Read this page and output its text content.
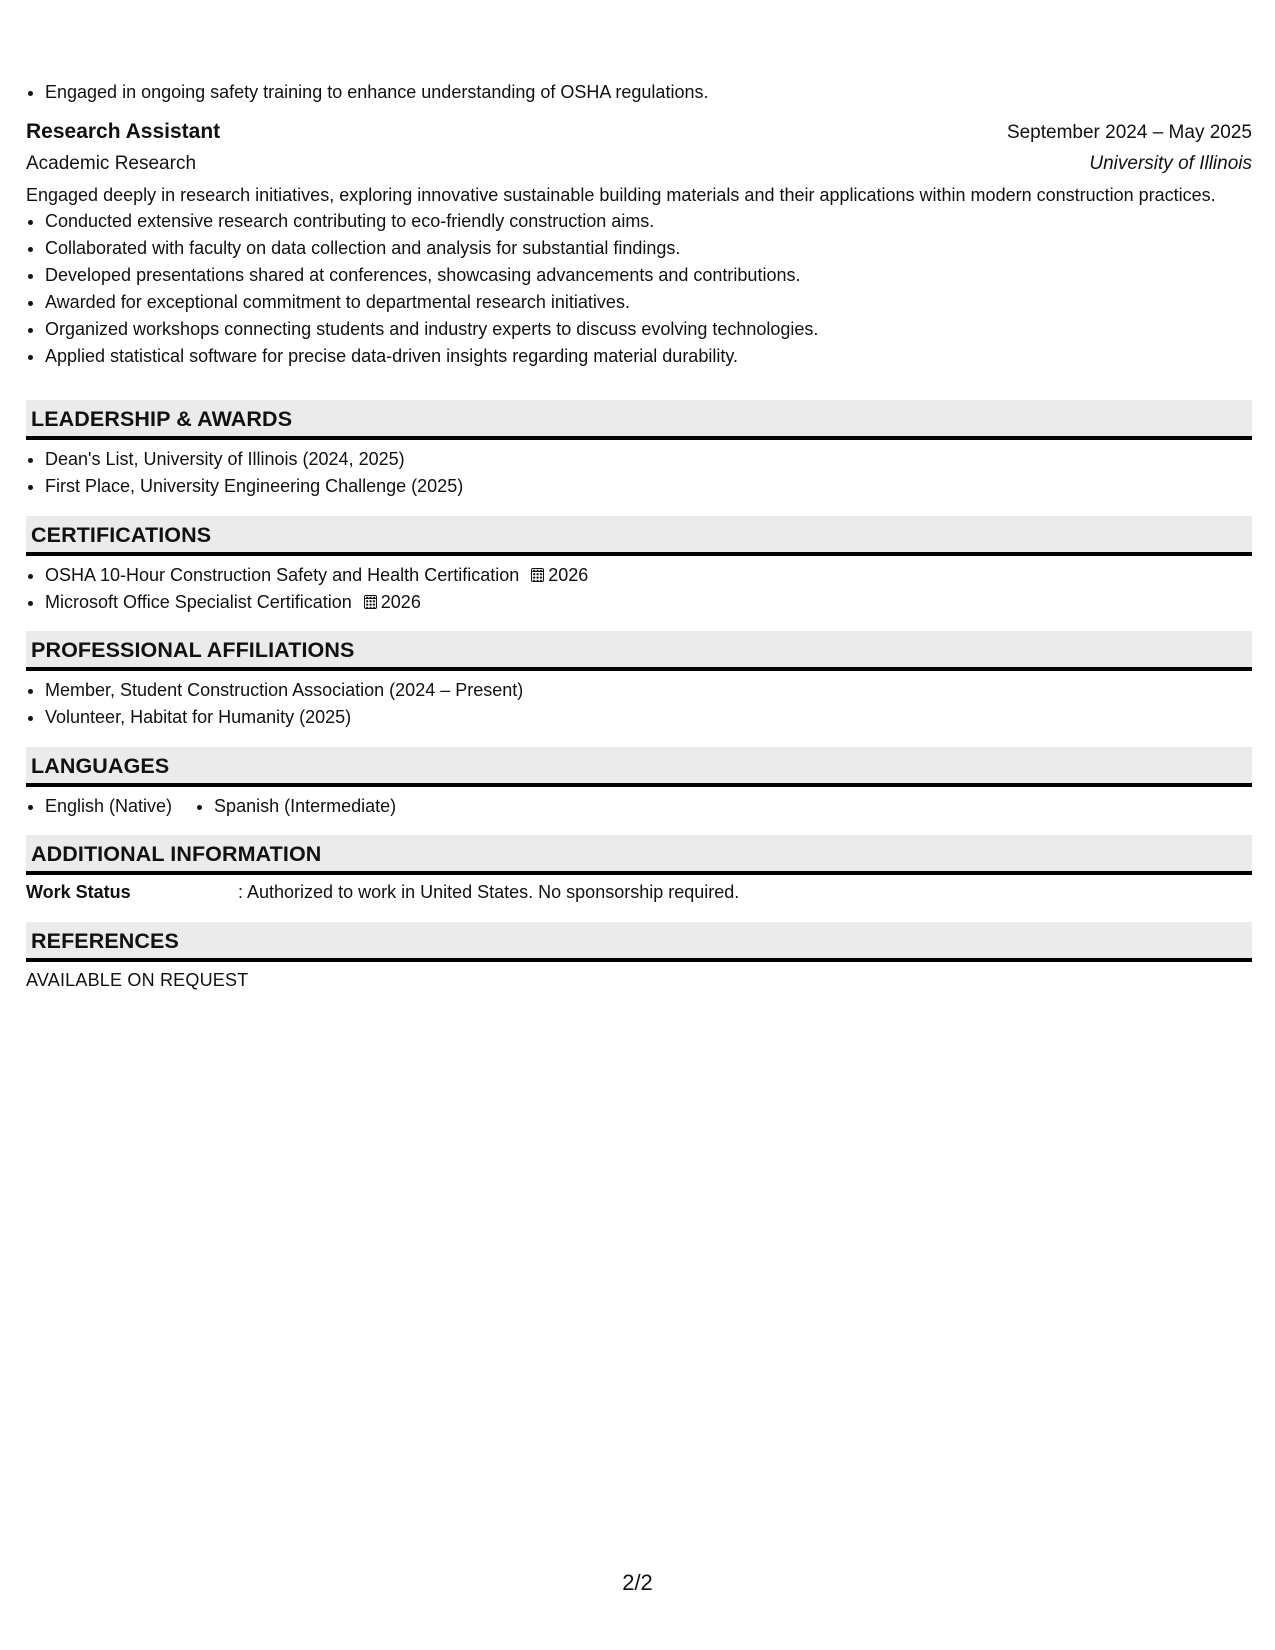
• Engaged in ongoing safety training to enhance understanding of OSHA regulations.
Research Assistant	September 2024 – May 2025
Academic Research	University of Illinois
Engaged deeply in research initiatives, exploring innovative sustainable building materials and their applications within modern construction practices.
• Conducted extensive research contributing to eco-friendly construction aims.
• Collaborated with faculty on data collection and analysis for substantial findings.
• Developed presentations shared at conferences, showcasing advancements and contributions.
• Awarded for exceptional commitment to departmental research initiatives.
• Organized workshops connecting students and industry experts to discuss evolving technologies.
• Applied statistical software for precise data-driven insights regarding material durability.
LEADERSHIP & AWARDS
• Dean's List, University of Illinois (2024, 2025)
• First Place, University Engineering Challenge (2025)
CERTIFICATIONS
• OSHA 10-Hour Construction Safety and Health Certification 2026
• Microsoft Office Specialist Certification 2026
PROFESSIONAL AFFILIATIONS
• Member, Student Construction Association (2024 – Present)
• Volunteer, Habitat for Humanity (2025)
LANGUAGES
• English (Native)
• Spanish (Intermediate)
ADDITIONAL INFORMATION
Work Status	: Authorized to work in United States. No sponsorship required.
REFERENCES
AVAILABLE ON REQUEST
2/2
